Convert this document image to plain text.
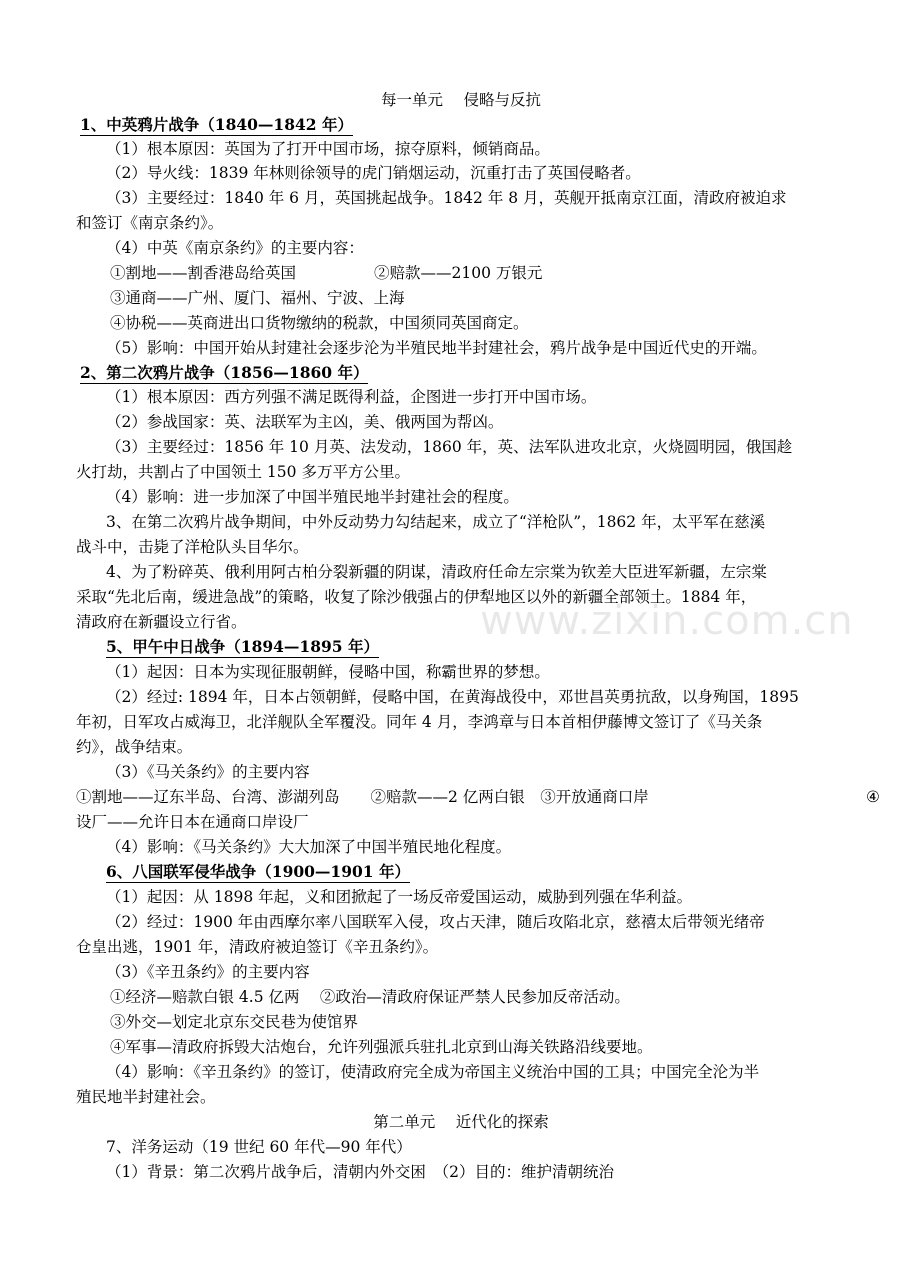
每一单元　 侵略与反抗
1、中英鸦片战争（1840—1842 年）
（1）根本原因：英国为了打开中国市场，掠夺原料，倾销商品。
（2）导火线：1839 年林则徐领导的虎门销烟运动，沉重打击了英国侵略者。
（3）主要经过：1840 年 6 月，英国挑起战争。1842 年 8 月，英舰开抵南京江面，清政府被迫求
和签订《南京条约》。
（4）中英《南京条约》的主要内容：
①割地——割香港岛给英国	②赔款——2100 万银元
③通商——广州、厦门、福州、宁波、上海
④协税——英商进出口货物缴纳的税款，中国须同英国商定。
（5）影响：中国开始从封建社会逐步沦为半殖民地半封建社会，鸦片战争是中国近代史的开端。
2、第二次鸦片战争（1856—1860 年）
（1）根本原因：西方列强不满足既得利益，企图进一步打开中国市场。
（2）参战国家：英、法联军为主凶，美、俄两国为帮凶。
（3）主要经过：1856 年 10 月英、法发动，1860 年，英、法军队进攻北京，火烧圆明园，俄国趁
火打劫，共割占了中国领土 150 多万平方公里。
（4）影响：进一步加深了中国半殖民地半封建社会的程度。
3、在第二次鸦片战争期间，中外反动势力勾结起来，成立了“洋枪队”，1862 年，太平军在慈溪
战斗中，击毙了洋枪队头目华尔。
4、为了粉碎英、俄利用阿古柏分裂新疆的阴谋，清政府任命左宗棠为钦差大臣进军新疆，左宗棠
采取“先北后南，缓进急战”的策略，收复了除沙俄强占的伊犁地区以外的新疆全部领土。1884 年，
清政府在新疆设立行省。
5、甲午中日战争（1894—1895 年）
（1）起因：日本为实现征服朝鲜，侵略中国，称霸世界的梦想。
（2）经过: 1894 年，日本占领朝鲜，侵略中国，在黄海战役中，邓世昌英勇抗敌，以身殉国，1895
年初，日军攻占威海卫，北洋舰队全军覆没。同年 4 月，李鸿章与日本首相伊藤博文签订了《马关条
约》，战争结束。
（3）《马关条约》的主要内容
①割地——辽东半岛、台湾、澎湖列岛　　②赔款——2 亿两白银　③开放通商口岸	④
设厂——允许日本在通商口岸设厂
（4）影响：《马关条约》大大加深了中国半殖民地化程度。
6、八国联军侵华战争（1900—1901 年）
（1）起因：从 1898 年起，义和团掀起了一场反帝爱国运动，威胁到列强在华利益。
（2）经过：1900 年由西摩尔率八国联军入侵，攻占天津，随后攻陷北京，慈禧太后带领光绪帝
仓皇出逃，1901 年，清政府被迫签订《辛丑条约》。
（3）《辛丑条约》的主要内容
①经济—赔款白银 4.5 亿两　 ②政治—清政府保证严禁人民参加反帝活动。
③外交—划定北京东交民巷为使馆界
④军事—清政府拆毁大沽炮台，允许列强派兵驻扎北京到山海关铁路沿线要地。
（4）影响：《辛丑条约》的签订，使清政府完全成为帝国主义统治中国的工具；中国完全沦为半
殖民地半封建社会。
第二单元　 近代化的探索
7、洋务运动（19 世纪 60 年代—90 年代）
（1）背景：第二次鸦片战争后，清朝内外交困　（2）目的：维护清朝统治
www.zixin.com.cn
